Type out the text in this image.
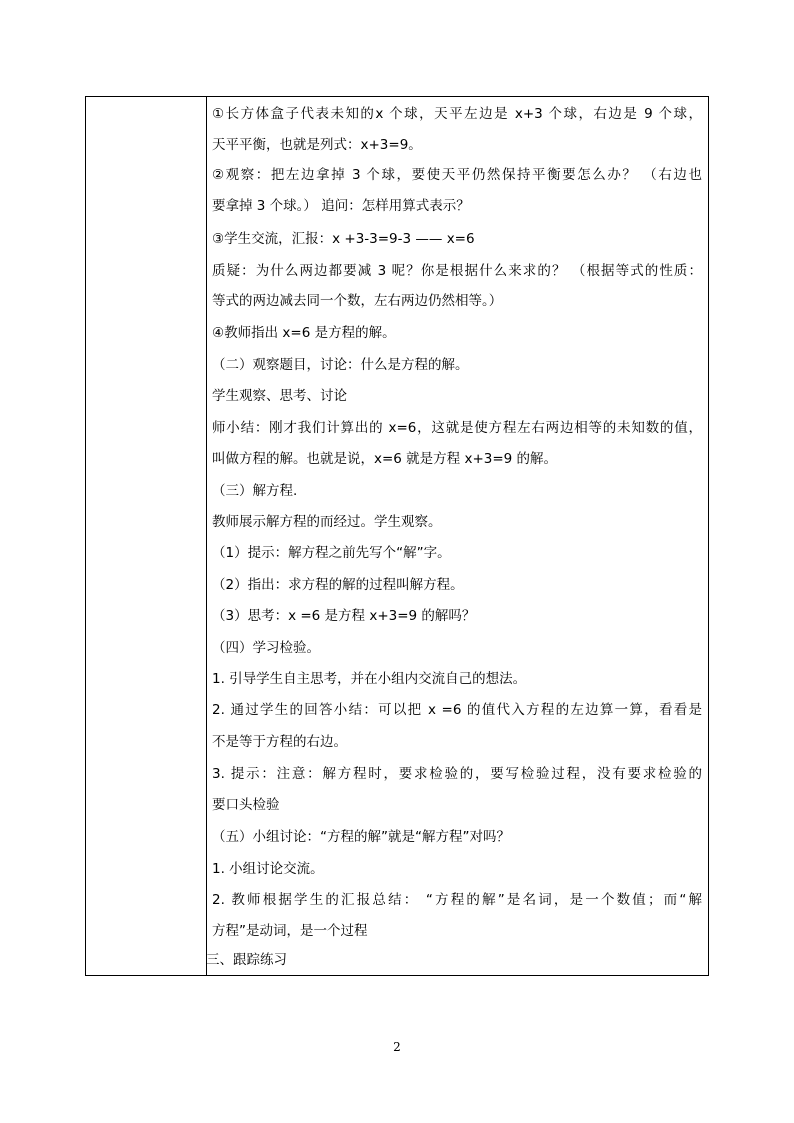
①长方体盒子代表未知的x 个球，天平左边是 x+3 个球，右边是 9 个球，
天平平衡，也就是列式：x+3=9。
②观察：把左边拿掉 3 个球，要使天平仍然保持平衡要怎么办？ （右边也
要拿掉 3 个球。） 追问：怎样用算式表示？
③学生交流，汇报：x +3-3=9-3 —— x=6
质疑：为什么两边都要减 3 呢？你是根据什么来求的？ （根据等式的性质：
等式的两边减去同一个数，左右两边仍然相等。）
④教师指出 x=6 是方程的解。
（二）观察题目，讨论：什么是方程的解。
学生观察、思考、讨论
师小结：刚才我们计算出的 x=6，这就是使方程左右两边相等的未知数的值，
叫做方程的解。也就是说，x=6 就是方程 x+3=9 的解。
（三）解方程.
教师展示解方程的而经过。学生观察。
（1）提示：解方程之前先写个“解”字。
（2）指出：求方程的解的过程叫解方程。
（3）思考：x =6 是方程 x+3=9 的解吗？
（四）学习检验。
1. 引导学生自主思考，并在小组内交流自己的想法。
2. 通过学生的回答小结：可以把 x =6 的值代入方程的左边算一算，看看是
不是等于方程的右边。
3. 提示：注意：解方程时，要求检验的，要写检验过程，没有要求检验的
要口头检验
（五）小组讨论：“方程的解”就是“解方程”对吗？
1. 小组讨论交流。
2. 教师根据学生的汇报总结： “方程的解”是名词，是一个数值；而“解
方程”是动词，是一个过程
三、跟踪练习
2
